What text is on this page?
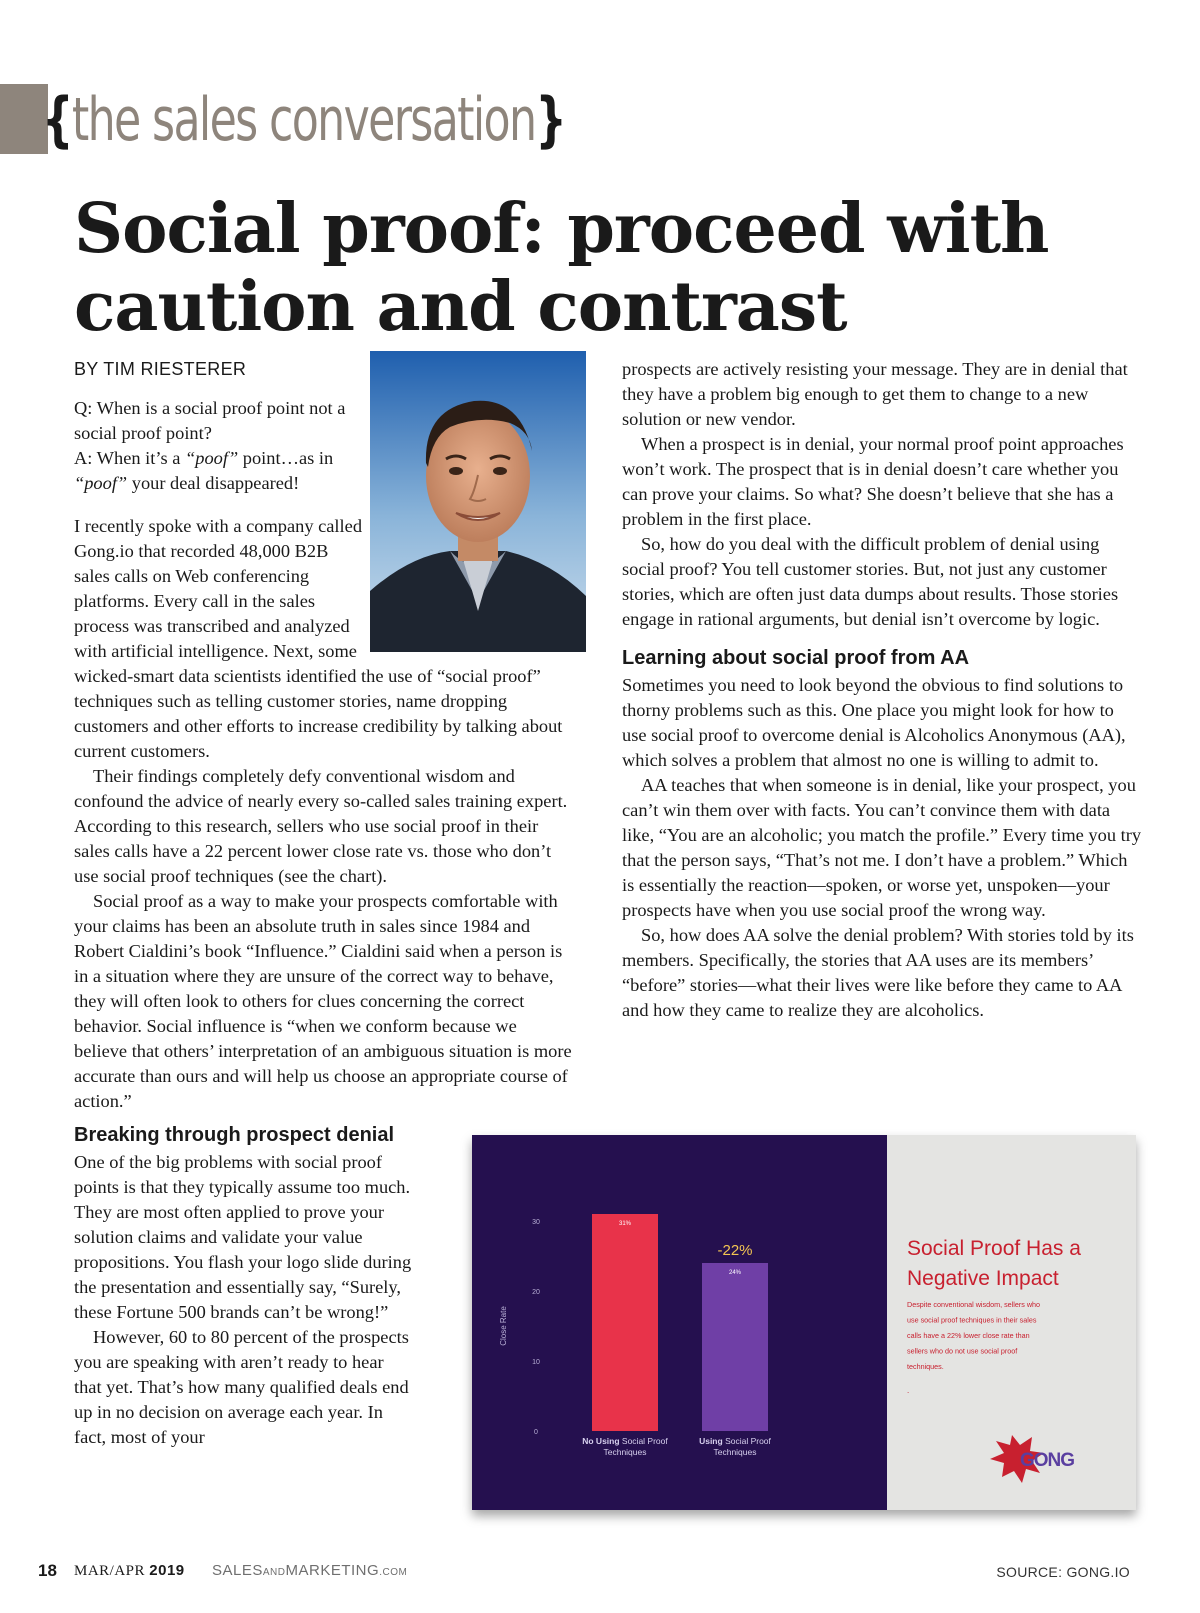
{the sales conversation}
Social proof: proceed with caution and contrast
BY TIM RIESTERER

Q: When is a social proof point not a social proof point?

A: When it’s a “poof” point…as in “poof” your deal disappeared!

I recently spoke with a company called Gong.io that recorded 48,000 B2B sales calls on Web conferencing platforms. Every call in the sales process was transcribed and analyzed with artificial intelligence. Next, some wicked-smart data scientists identified the use of “social proof” techniques such as telling customer stories, name dropping customers and other efforts to increase credibility by talking about current customers.

Their findings completely defy conventional wisdom and confound the advice of nearly every so-called sales training expert. According to this research, sellers who use social proof in their sales calls have a 22 percent lower close rate vs. those who don’t use social proof techniques (see the chart).

Social proof as a way to make your prospects comfortable with your claims has been an absolute truth in sales since 1984 and Robert Cialdini’s book “Influence.” Cialdini said when a person is in a situation where they are unsure of the correct way to behave, they will often look to others for clues concerning the correct behavior. Social influence is “when we conform because we believe that others’ interpretation of an ambiguous situation is more accurate than ours and will help us choose an appropriate course of action.”

Breaking through prospect denial

One of the big problems with social proof points is that they typically assume too much. They are most often applied to prove your solution claims and validate your value propositions. You flash your logo slide during the presentation and essentially say, “Surely, these Fortune 500 brands can’t be wrong!”

However, 60 to 80 percent of the prospects you are speaking with aren’t ready to hear that yet. That’s how many qualified deals end up in no decision on average each year. In fact, most of your

prospects are actively resisting your message. They are in denial that they have a problem big enough to get them to change to a new solution or new vendor.

When a prospect is in denial, your normal proof point approaches won’t work. The prospect that is in denial doesn’t care whether you can prove your claims. So what? She doesn’t believe that she has a problem in the first place.

So, how do you deal with the difficult problem of denial using social proof? You tell customer stories. But, not just any customer stories, which are often just data dumps about results. Those stories engage in rational arguments, but denial isn’t overcome by logic.

Learning about social proof from AA

Sometimes you need to look beyond the obvious to find solutions to thorny problems such as this. One place you might look for how to use social proof to overcome denial is Alcoholics Anonymous (AA), which solves a problem that almost no one is willing to admit to.

AA teaches that when someone is in denial, like your prospect, you can’t win them over with facts. You can’t convince them with data like, “You are an alcoholic; you match the profile.” Every time you try that the person says, “That’s not me. I don’t have a problem.” Which is essentially the reaction—spoken, or worse yet, unspoken—your prospects have when you use social proof the wrong way.

So, how does AA solve the denial problem? With stories told by its members. Specifically, the stories that AA uses are its members’ “before” stories—what their lives were like before they came to AA and how they came to realize they are alcoholics.

0
10
20
30
Close Rate
31%
No Using Social Proof
Techniques
24%
Using Social Proof
Techniques
-22%	Social Proof Has a
Negative Impact
Despite conventional wisdom, sellers who
use social proof techniques in their sales
calls have a 22% lower close rate than
sellers who do not use social proof
techniques.
.
GONG
18 MAR/APR 2019 SALESANDMARKETING.COM	SOURCE: GONG.IO
